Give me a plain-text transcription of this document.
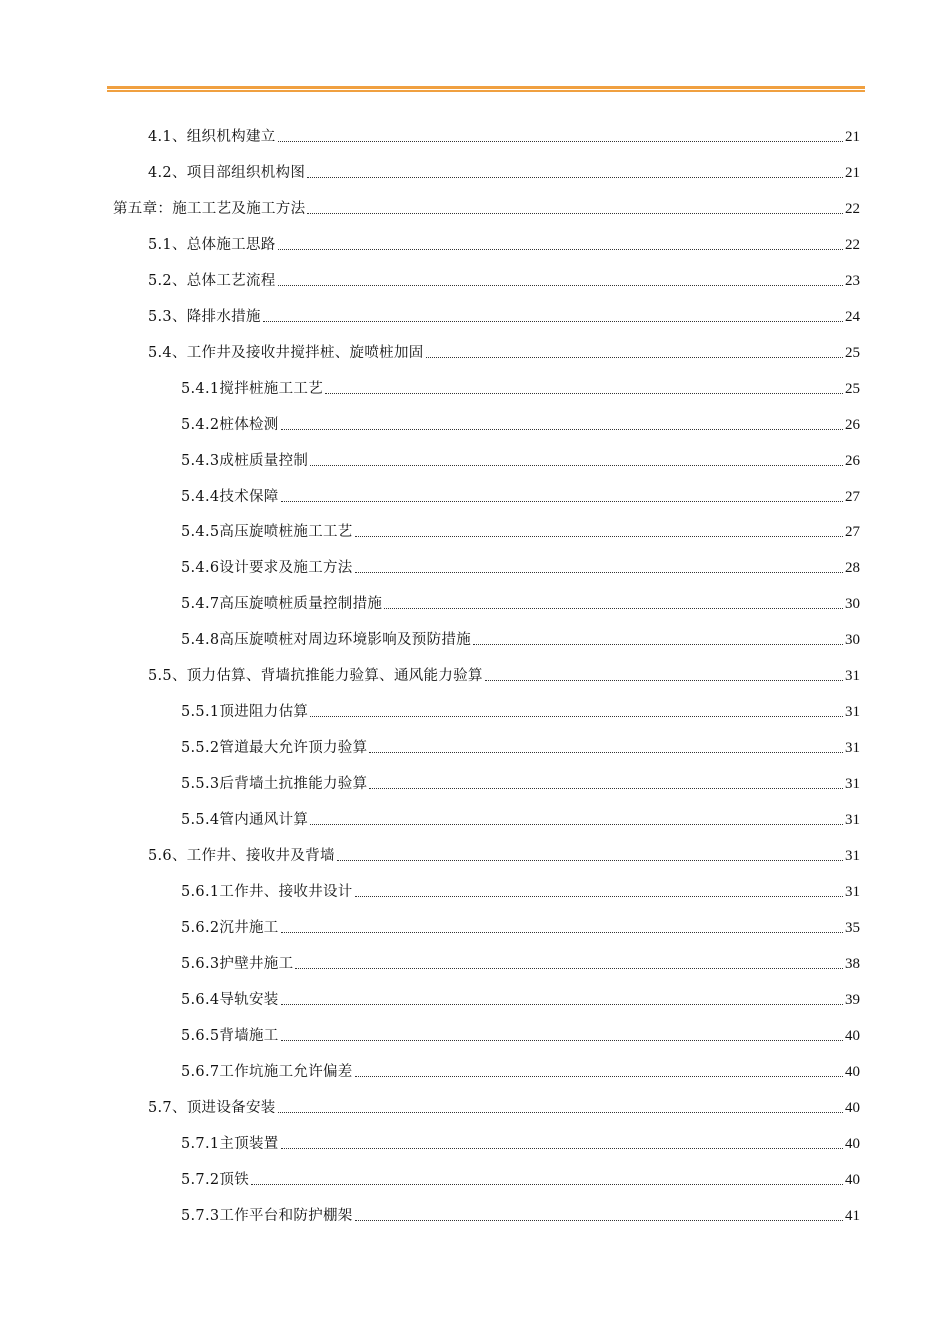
4.1、组织机构建立	21
4.2、项目部组织机构图	21
第五章：施工工艺及施工方法	22
5.1、总体施工思路	22
5.2、总体工艺流程	23
5.3、降排水措施	24
5.4、工作井及接收井搅拌桩、旋喷桩加固	25
5.4.1搅拌桩施工工艺	25
5.4.2桩体检测	26
5.4.3成桩质量控制	26
5.4.4技术保障	27
5.4.5高压旋喷桩施工工艺	27
5.4.6设计要求及施工方法	28
5.4.7高压旋喷桩质量控制措施	30
5.4.8高压旋喷桩对周边环境影响及预防措施	30
5.5、顶力估算、背墙抗推能力验算、通风能力验算	31
5.5.1顶进阻力估算	31
5.5.2管道最大允许顶力验算	31
5.5.3后背墙土抗推能力验算	31
5.5.4管内通风计算	31
5.6、工作井、接收井及背墙	31
5.6.1工作井、接收井设计	31
5.6.2沉井施工	35
5.6.3护壁井施工	38
5.6.4导轨安装	39
5.6.5背墙施工	40
5.6.7工作坑施工允许偏差	40
5.7、顶进设备安装	40
5.7.1主顶装置	40
5.7.2顶铁	40
5.7.3工作平台和防护棚架	41
